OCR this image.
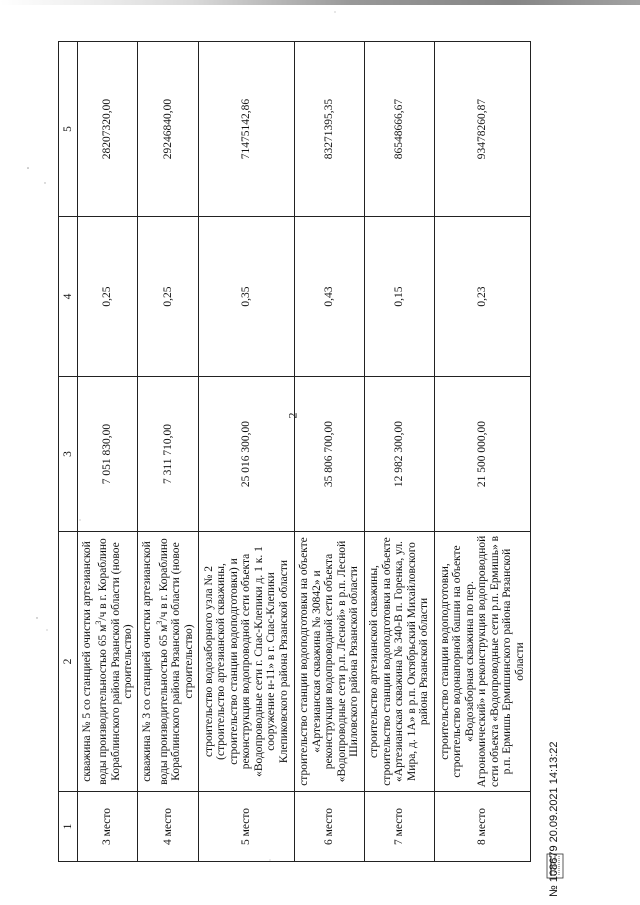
2
1	2	3	4	5
3 место	скважина № 5 со станцией очистки артезианской воды производительностью 65 $м^3/ч$ в г. Кораблино Кораблинского района Рязанской области (новое строительство)	7 051 830,00	0,25	28207320,00
4 место	скважина № 3 со станцией очистки артезианской воды производительностью 65 $м^3/ч$ в г. Кораблино Кораблинского района Рязанской области (новое строительство)	7 311 710,00	0,25	29246840,00
5 место	строительство водозаборного узла № 2 (строительство артезианской скважины, строительство станции водоподготовки) и реконструкция водопроводной сети объекта «Водопроводные сети г. Спас-Клепики д. 1 к. 1 сооружение н-11» в г. Спас-Клепики Клепиковского района Рязанской области	25 016 300,00	0,35	71475142,86
6 место	строительство станции водоподготовки на объекте «Артезианская скважина № 30842» и реконструкция водопроводной сети объекта «Водопроводные сети р.п. Лесной» в р.п. Лесной Шиловского района Рязанской области	35 806 700,00	0,43	83271395,35
7 место	строительство артезианской скважины, строительство станции водоподготовки на объекте «Артезианская скважина № 340-В п. Горенка, ул. Мира, д. 1А» в р.п. Октябрьский Михайловского района Рязанской области	12 982 300,00	0,15	86548666,67
8 место	строительство станции водоподготовки, строительство водонапорной башни на объекте «Водозаборная скважина по пер. Агрономический» и реконструкция водопроводной сети объекта «Водопроводные сети р.п. Ермишь» в р.п. Ермишь Ермишинского района Рязанской области	21 500 000,00	0,23	93478260,87
№ 108679 20.09.2021 14:13:22
